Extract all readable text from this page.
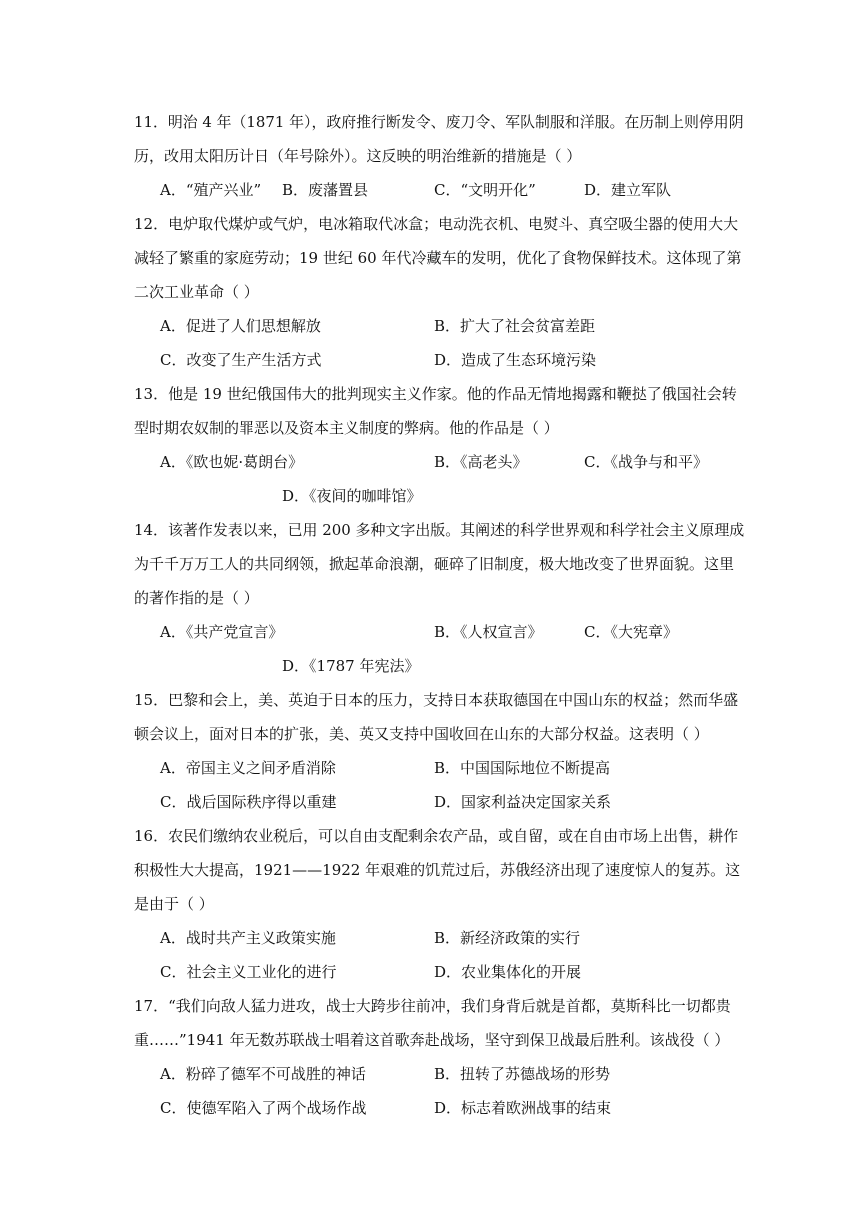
11．明治 4 年（1871 年），政府推行断发令、废刀令、军队制服和洋服。在历制上则停用阴
历，改用太阳历计日（年号除外）。这反映的明治维新的措施是（ ）
A．“殖产兴业” B．废藩置县	C．“文明开化”	D．建立军队
12．电炉取代煤炉或气炉，电冰箱取代冰盒；电动洗衣机、电熨斗、真空吸尘器的使用大大
减轻了繁重的家庭劳动；19 世纪 60 年代冷藏车的发明，优化了食物保鲜技术。这体现了第
二次工业革命（ ）
A．促进了人们思想解放	B．扩大了社会贫富差距
C．改变了生产生活方式	D．造成了生态环境污染
13．他是 19 世纪俄国伟大的批判现实主义作家。他的作品无情地揭露和鞭挞了俄国社会转
型时期农奴制的罪恶以及资本主义制度的弊病。他的作品是（ ）
A．《欧也妮·葛朗台》	B．《高老头》	C．《战争与和平》
D．《夜间的咖啡馆》
14．该著作发表以来，已用 200 多种文字出版。其阐述的科学世界观和科学社会主义原理成
为千千万万工人的共同纲领，掀起革命浪潮，砸碎了旧制度，极大地改变了世界面貌。这里
的著作指的是（ ）
A．《共产党宣言》	B．《人权宣言》	C．《大宪章》
D．《1787 年宪法》
15．巴黎和会上，美、英迫于日本的压力，支持日本获取德国在中国山东的权益；然而华盛
顿会议上，面对日本的扩张，美、英又支持中国收回在山东的大部分权益。这表明（ ）
A．帝国主义之间矛盾消除	B．中国国际地位不断提高
C．战后国际秩序得以重建	D．国家利益决定国家关系
16．农民们缴纳农业税后，可以自由支配剩余农产品，或自留，或在自由市场上出售，耕作
积极性大大提高，1921——1922 年艰难的饥荒过后，苏俄经济出现了速度惊人的复苏。这
是由于（ ）
A．战时共产主义政策实施	B．新经济政策的实行
C．社会主义工业化的进行	D．农业集体化的开展
17．“我们向敌人猛力进攻，战士大跨步往前冲，我们身背后就是首都，莫斯科比一切都贵
重……”1941 年无数苏联战士唱着这首歌奔赴战场，坚守到保卫战最后胜利。该战役（ ）
A．粉碎了德军不可战胜的神话	B．扭转了苏德战场的形势
C．使德军陷入了两个战场作战	D．标志着欧洲战事的结束
